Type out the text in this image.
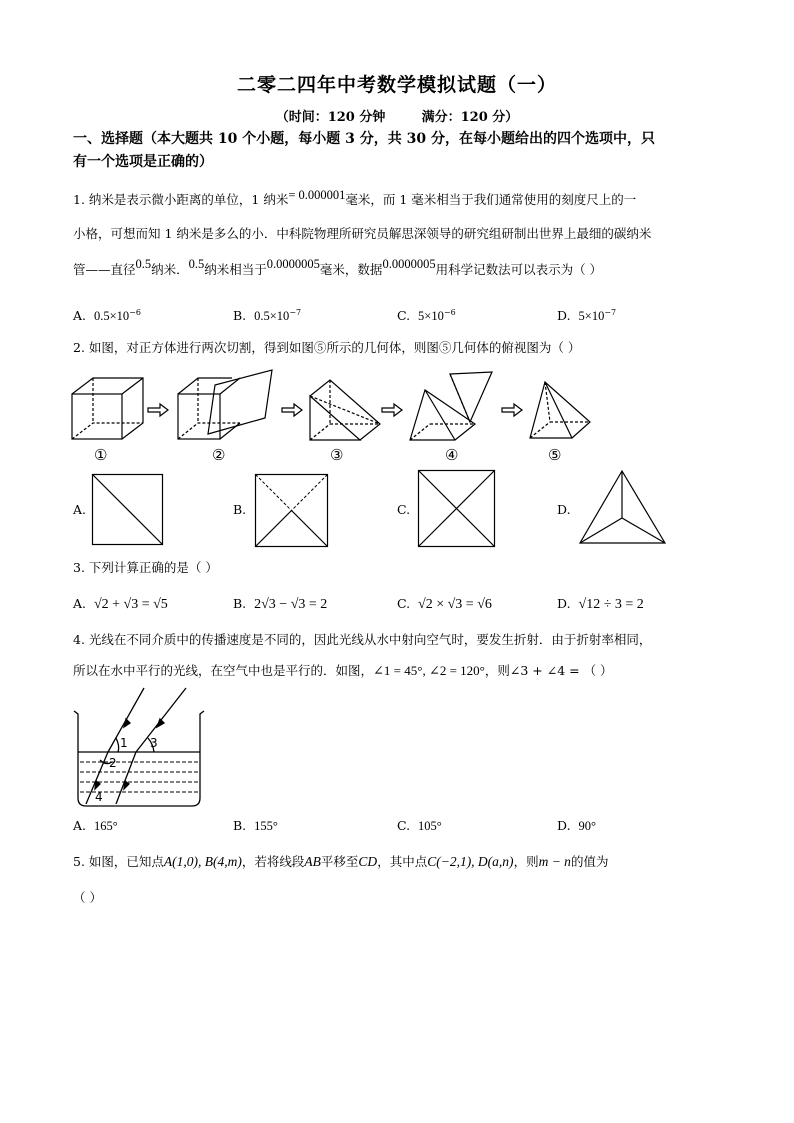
二零二四年中考数学模拟试题（一）
（时间：120 分钟	满分：120 分）
一、选择题（本大题共 10 个小题，每小题 3 分，共 30 分，在每小题给出的四个选项中，只
有一个选项是正确的）
1. 纳米是表示微小距离的单位，1 纳米= 0.000001毫米，而 1 毫米相当于我们通常使用的刻度尺上的一
小格，可想而知 1 纳米是多么的小．中科院物理所研究员解思深领导的研究组研制出世界上最细的碳纳米
管——直径0.5纳米．0.5纳米相当于0.0000005毫米，数据0.0000005用科学记数法可以表示为（ ）
A. $0.5\times 10^{-6}$	B. $0.5\times 10^{-7}$	C. $5\times 10^{-6}$	D. $5\times 10^{-7}$
2. 如图，对正方体进行两次切割，得到如图⑤所示的几何体，则图⑤几何体的俯视图为（ ）
①	②	③	④	⑤
A.	B.	C.	D.
3. 下列计算正确的是（ ）
A. √2 + √3 = √5	B. 2√3 − √3 = 2	C. √2 × √3 = √6	D. √12 ÷ 3 = 2
4. 光线在不同介质中的传播速度是不同的，因此光线从水中射向空气时，要发生折射．由于折射率相同，
所以在水中平行的光线，在空气中也是平行的．如图，∠1 = 45°, ∠2 = 120°，则∠3 + ∠4 = （ ）
1
2
3
4
A. 165°	B. 155°	C. 105°	D. 90°
5. 如图，已知点A(1,0), B(4,m)，若将线段AB平移至CD，其中点C(−2,1), D(a,n)，则m − n的值为
（ ）
